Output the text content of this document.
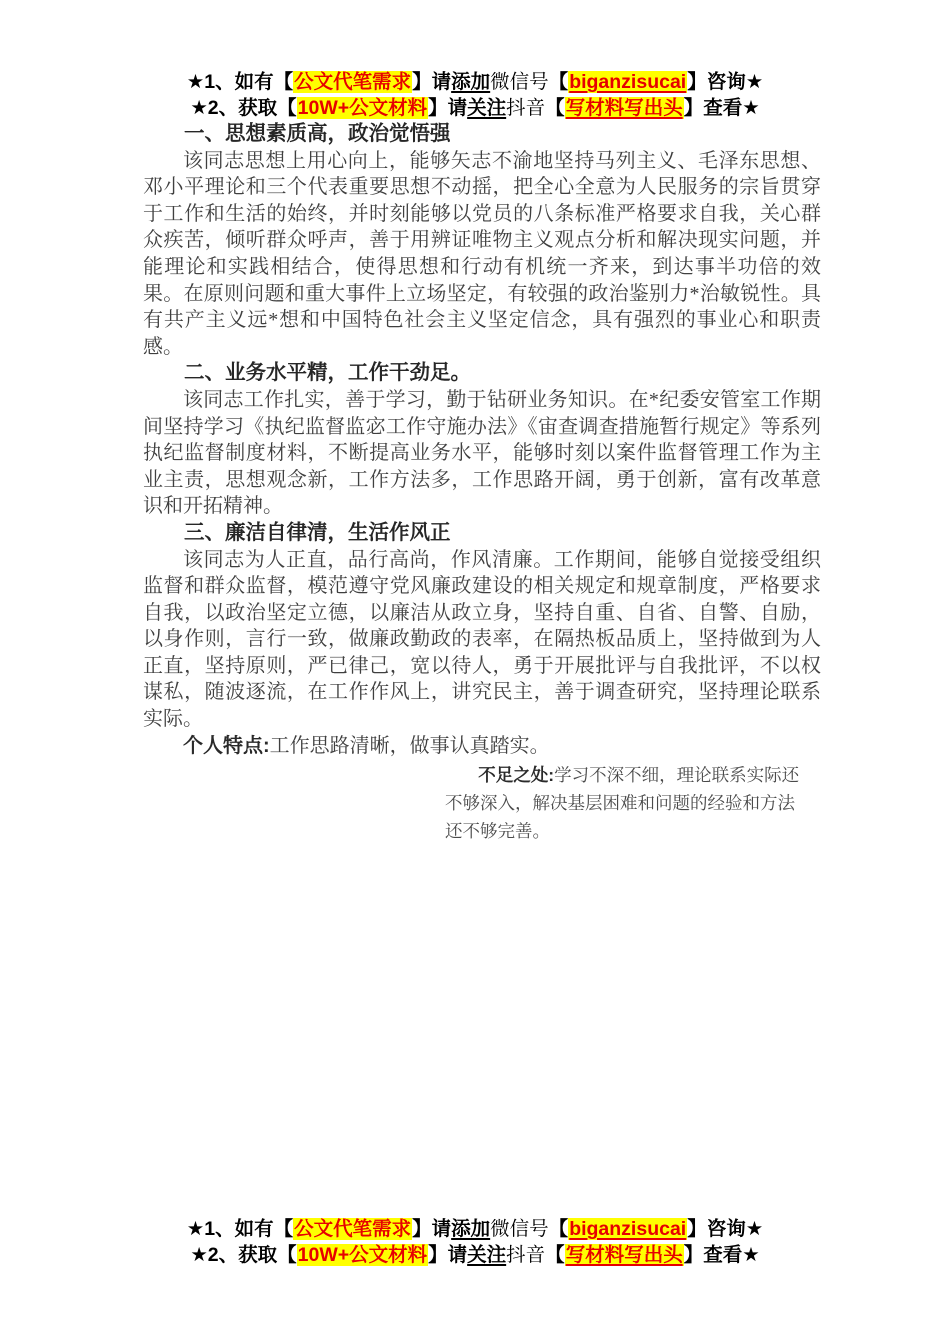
★1、如有【公文代笔需求】请添加微信号【biganzisucai】咨询★
★2、获取【10W+公文材料】请关注抖音【写材料写出头】查看★
一、思想素质高，政治觉悟强

该同志思想上用心向上，能够矢志不渝地坚持马列主义、毛泽东思想、邓小平理论和三个代表重要思想不动摇，把全心全意为人民服务的宗旨贯穿于工作和生活的始终，并时刻能够以党员的八条标准严格要求自我，关心群众疾苦，倾听群众呼声，善于用辨证唯物主义观点分析和解决现实问题，并能理论和实践相结合，使得思想和行动有机统一齐来，到达事半功倍的效果。在原则问题和重大事件上立场坚定，有较强的政治鉴别力*治敏锐性。具有共产主义远*想和中国特色社会主义坚定信念，具有强烈的事业心和职责感。

二、业务水平精，工作干劲足。

该同志工作扎实，善于学习，勤于钻研业务知识。在*纪委安管室工作期间坚持学习《执纪监督监宓工作守施办法》《宙查调查措施暂行规定》等系列执纪监督制度材料，不断提高业务水平，能够时刻以案件监督管理工作为主业主责，思想观念新，工作方法多，工作思路开阔，勇于创新，富有改革意识和开拓精神。

三、廉洁自律清，生活作风正

该同志为人正直，品行高尚，作风清廉。工作期间，能够自觉接受组织监督和群众监督，模范遵守党风廉政建设的相关规定和规章制度，严格要求自我，以政治坚定立德，以廉洁从政立身，坚持自重、自省、自警、自励，以身作则，言行一致，做廉政勤政的表率，在隔热板品质上，坚持做到为人正直，坚持原则，严已律己，宽以待人，勇于开展批评与自我批评，不以权谋私，随波逐流，在工作作风上，讲究民主，善于调查研究，坚持理论联系实际。

个人特点:工作思路清晰，做事认真踏实。

不足之处:学习不深不细，理论联系实际还不够深入，解决基层困难和问题的经验和方法还不够完善。

★1、如有【公文代笔需求】请添加微信号【biganzisucai】咨询★
★2、获取【10W+公文材料】请关注抖音【写材料写出头】查看★
